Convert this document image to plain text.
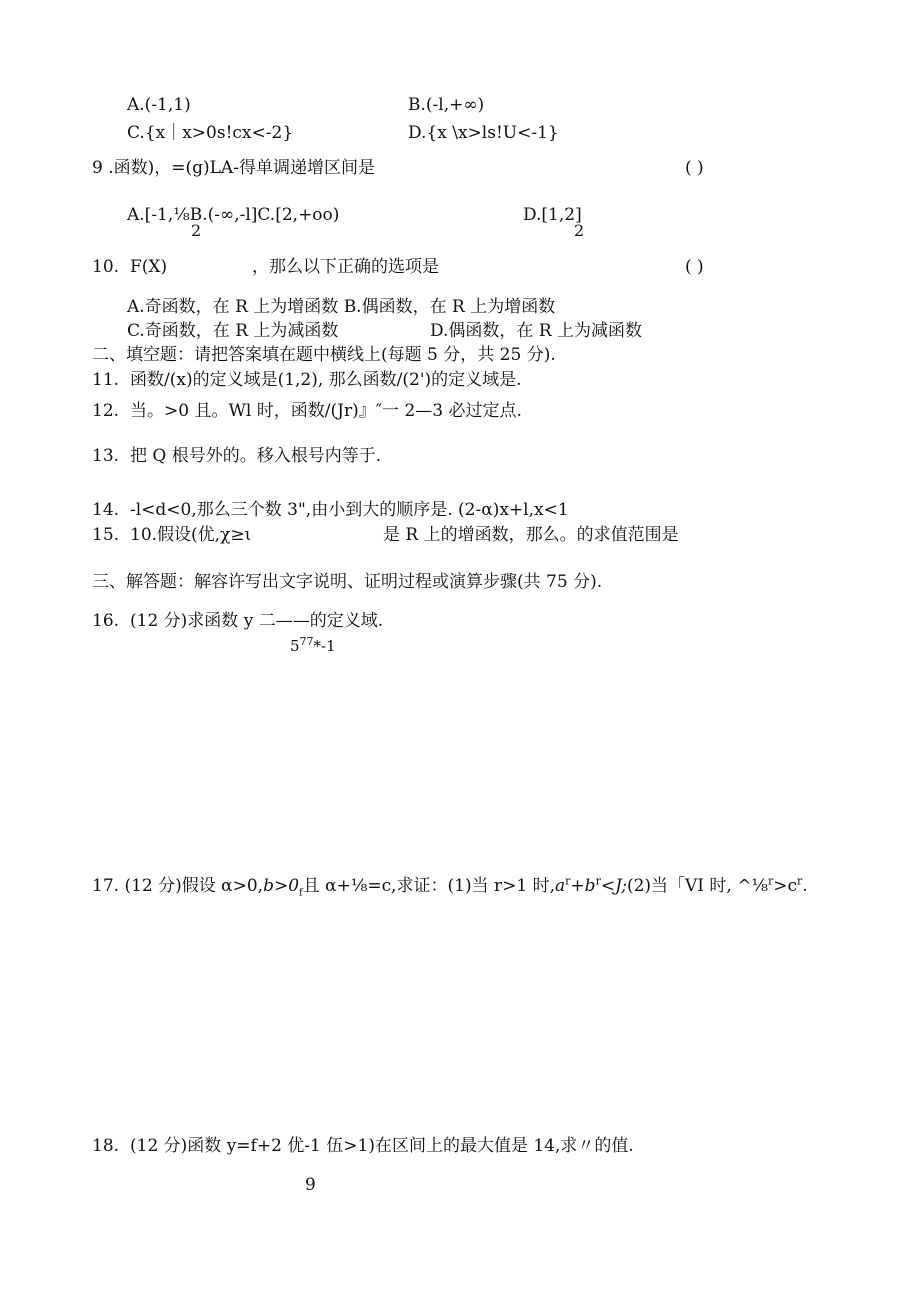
A.(-1,1)	B.(-l,+∞)
C.{x｜x>0s!cx<-2}	D.{x \x>ls!U<-1}
9 .函数)，=(g)LA-得单调递增区间是	( )
A.[-1,⅛B.(-∞,-l]C.[2,+oo)
2
D.[1,2]
2
10. F(X)	，那么以下正确的选项是	( )
A.奇函数，在 R 上为增函数 B.偶函数，在 R 上为增函数
C.奇函数，在 R 上为减函数	D.偶函数，在 R 上为减函数
二、填空题：请把答案填在题中横线上(每题 5 分，共 25 分).
11. 函数/(x)的定义域是(1,2), 那么函数/(2')的定义域是.
12. 当。>0 且。Wl 时，函数/(Jr)』″一 2—3 必过定点.
13. 把 Q 根号外的。移入根号内等于.
14. -l<d<0,那么三个数 3",由小到大的顺序是. (2-α)x+l,x<1
15. 10.假设(优,χ≥ι	是 R 上的增函数，那么。的求值范围是
三、解答题：解容许写出文字说明、证明过程或演算步骤(共 75 分).
16. (12 分)求函数 y 二——的定义域.
$5^{77}*-1$
17. (12 分)假设 $\alpha>0,b>0_f$且 α+⅛=c,求证：(1)当 r>1 时$,a^r+b^r<J;(2)$当「VI 时, $\^{}\frac{1}{8}^r>c^r$.
18. (12 分)函数 y=f+2 优-1 伍>1)在区间上的最大值是 14,求〃的值.
9
